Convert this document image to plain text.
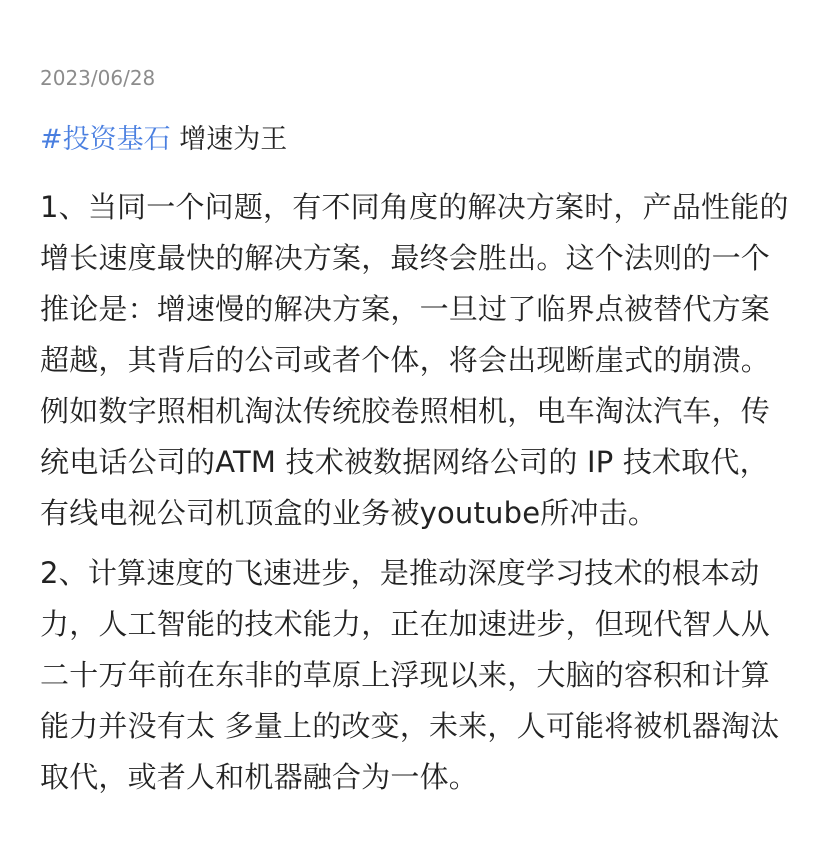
2023/06/28
#投资基石 增速为王
1、当同一个问题，有不同角度的解决方案时，产品性能的增长速度最快的解决方案，最终会胜出。这个法则的一个推论是：增速慢的解决方案，一旦过了临界点被替代方案超越，其背后的公司或者个体，将会出现断崖式的崩溃。例如数字照相机淘汰传统胶卷照相机，电车淘汰汽车，传统电话公司的ATM 技术被数据网络公司的 IP 技术取代，有线电视公司机顶盒的业务被youtube所冲击。
2、计算速度的飞速进步，是推动深度学习技术的根本动力，人工智能的技术能力，正在加速进步，但现代智人从二十万年前在东非的草原上浮现以来，大脑的容积和计算能力并没有太 多量上的改变，未来，人可能将被机器淘汰取代，或者人和机器融合为一体。
